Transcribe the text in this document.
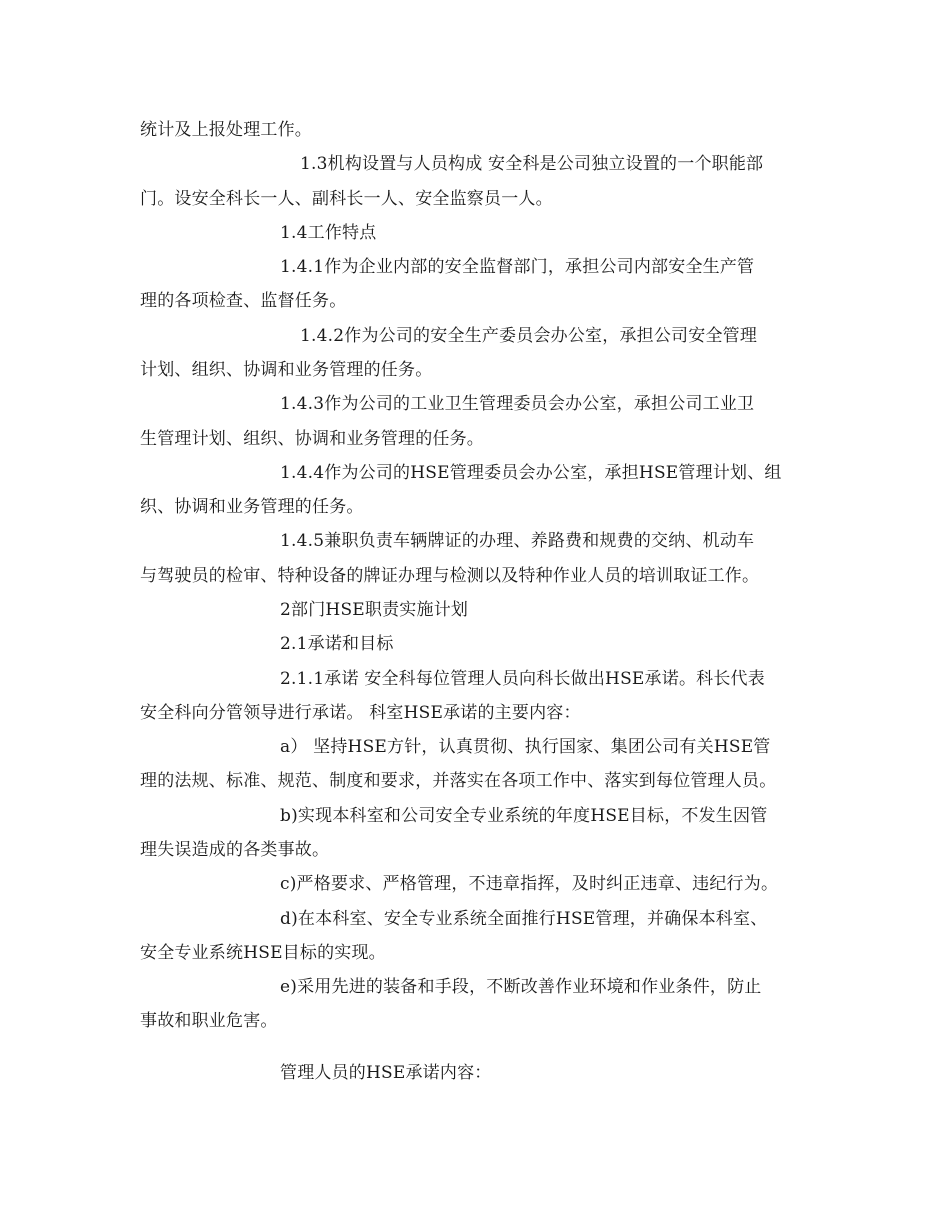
统计及上报处理工作。
1.3机构设置与人员构成 安全科是公司独立设置的一个职能部
门。设安全科长一人、副科长一人、安全监察员一人。
1.4工作特点
1.4.1作为企业内部的安全监督部门，承担公司内部安全生产管
理的各项检查、监督任务。
1.4.2作为公司的安全生产委员会办公室，承担公司安全管理
计划、组织、协调和业务管理的任务。
1.4.3作为公司的工业卫生管理委员会办公室，承担公司工业卫
生管理计划、组织、协调和业务管理的任务。
1.4.4作为公司的HSE管理委员会办公室，承担HSE管理计划、组
织、协调和业务管理的任务。
1.4.5兼职负责车辆牌证的办理、养路费和规费的交纳、机动车
与驾驶员的检审、特种设备的牌证办理与检测以及特种作业人员的培训取证工作。
2部门HSE职责实施计划
2.1承诺和目标
2.1.1承诺 安全科每位管理人员向科长做出HSE承诺。科长代表
安全科向分管领导进行承诺。 科室HSE承诺的主要内容：
a） 坚持HSE方针，认真贯彻、执行国家、集团公司有关HSE管
理的法规、标准、规范、制度和要求，并落实在各项工作中、落实到每位管理人员。
b)实现本科室和公司安全专业系统的年度HSE目标，不发生因管
理失误造成的各类事故。
c)严格要求、严格管理，不违章指挥，及时纠正违章、违纪行为。
d)在本科室、安全专业系统全面推行HSE管理，并确保本科室、
安全专业系统HSE目标的实现。
e)采用先进的装备和手段，不断改善作业环境和作业条件，防止
事故和职业危害。
管理人员的HSE承诺内容：
